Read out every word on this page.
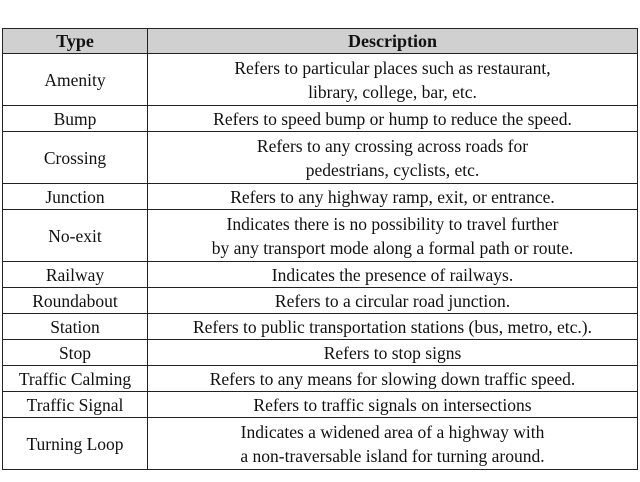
Type	Description
Amenity	Refers to particular places such as restaurant,
library, college, bar, etc.

Bump	Refers to speed bump or hump to reduce the speed.

Crossing	Refers to any crossing across roads for
pedestrians, cyclists, etc.

Junction	Refers to any highway ramp, exit, or entrance.

No-exit	Indicates there is no possibility to travel further
by any transport mode along a formal path or route.

Railway	Indicates the presence of railways.

Roundabout	Refers to a circular road junction.

Station	Refers to public transportation stations (bus, metro, etc.).

Stop	Refers to stop signs

Traffic Calming	Refers to any means for slowing down traffic speed.

Traffic Signal	Refers to traffic signals on intersections

Turning Loop	Indicates a widened area of a highway with
a non-traversable island for turning around.
